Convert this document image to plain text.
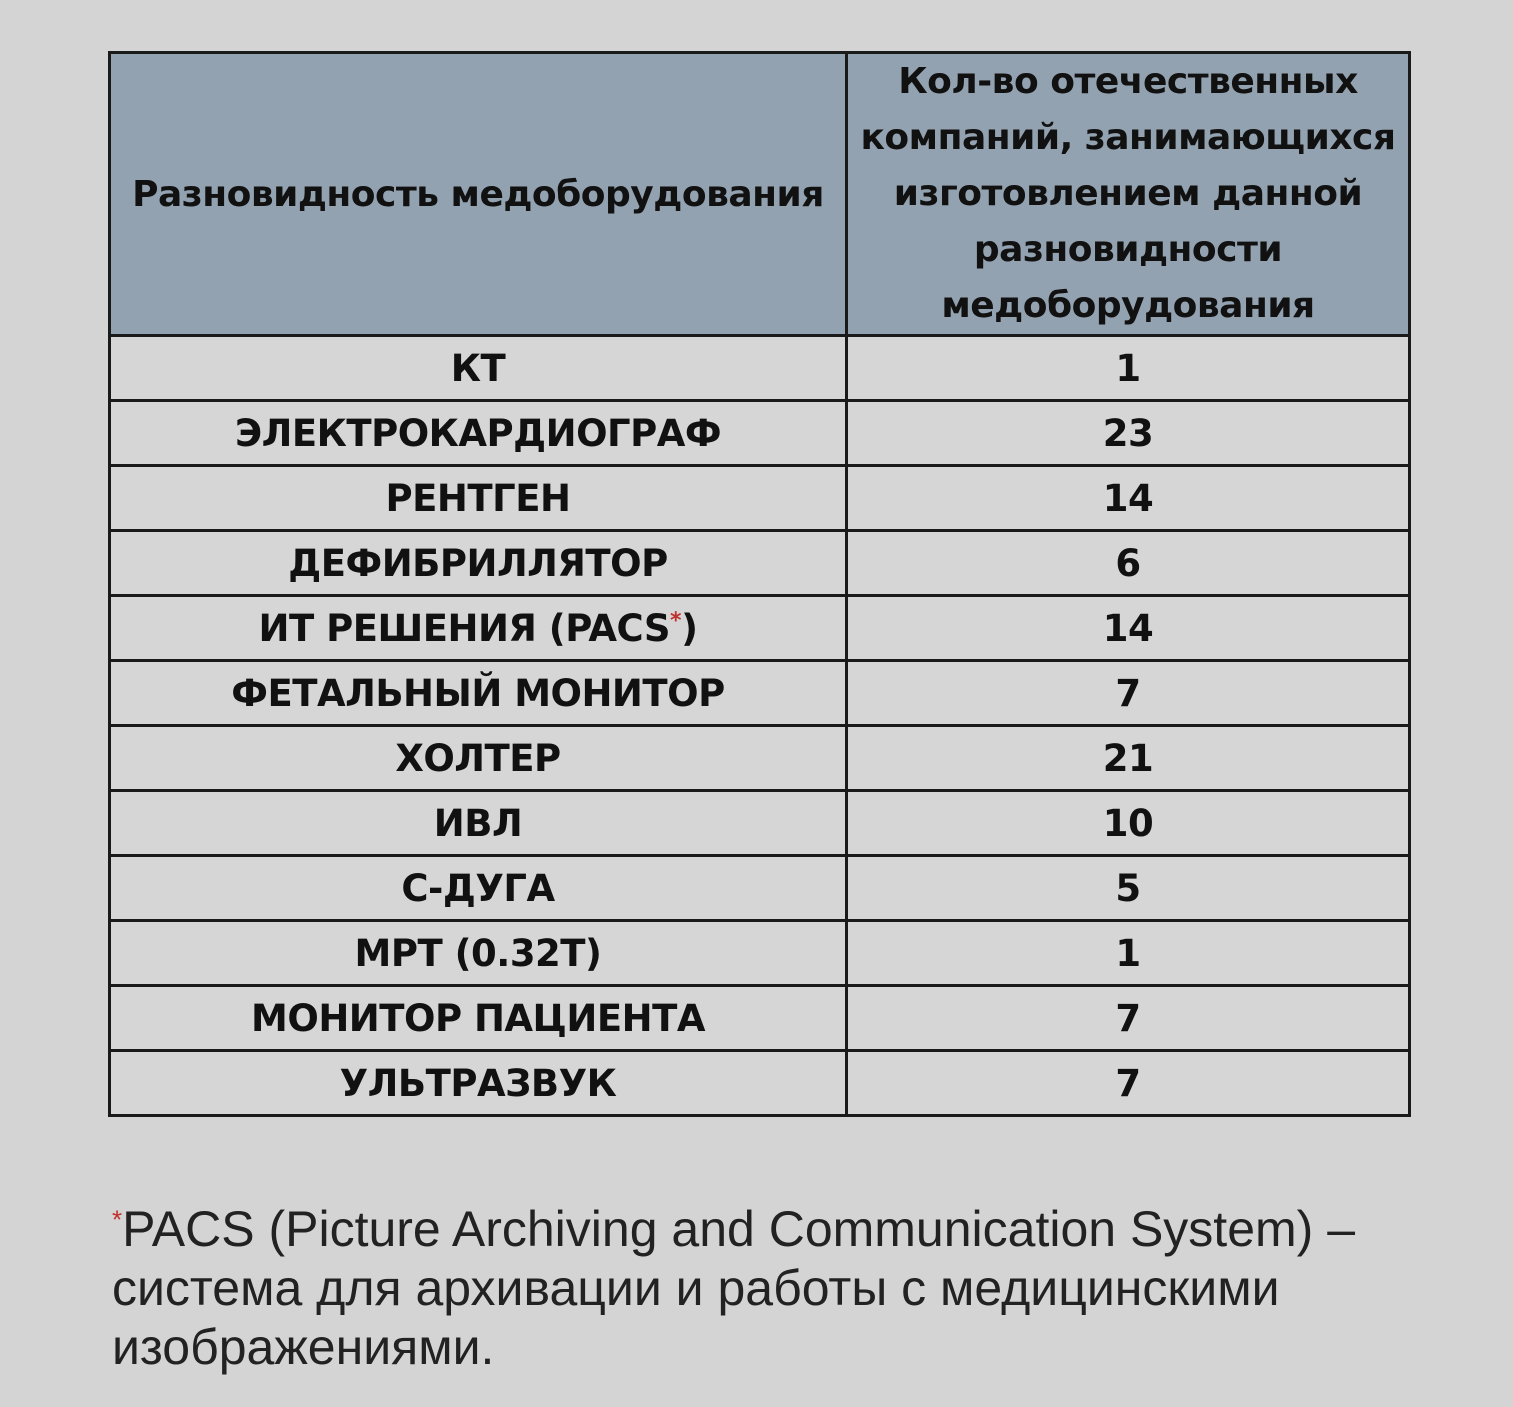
Разновидность медоборудования	Кол-во отечественных компаний, занимающихся изготовлением данной разновидности медоборудования
КТ	1
ЭЛЕКТРОКАРДИОГРАФ	23
РЕНТГЕН	14
ДЕФИБРИЛЛЯТОР	6
ИТ РЕШЕНИЯ (PACS*)	14
ФЕТАЛЬНЫЙ МОНИТОР	7
ХОЛТЕР	21
ИВЛ	10
С-ДУГА	5
МРТ (0.32Т)	1
МОНИТОР ПАЦИЕНТА	7
УЛЬТРАЗВУК	7
*PACS (Picture Archiving and Communication System) – система для архивации и работы с медицинскими изображениями.
